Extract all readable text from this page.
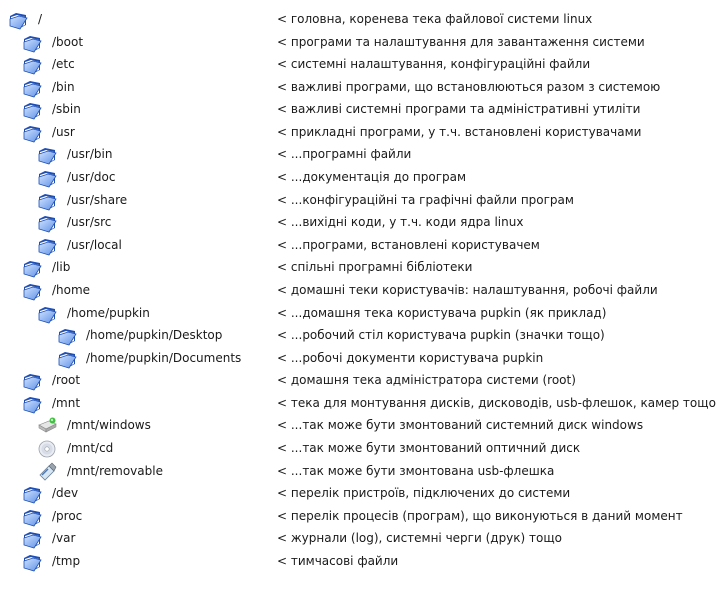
/	< головна, коренева тека файлової системи linux
/boot	< програми та налаштування для завантаження системи
/etc	< системні налаштування, конфігураційні файли
/bin	< важливі програми, що встановлюються разом з системою
/sbin	< важливі системні програми та адміністративні утиліти
/usr	< прикладні програми, у т.ч. встановлені користувачами
/usr/bin	< ...програмні файли
/usr/doc	< ...документація до програм
/usr/share	< ...конфігураційні та графічні файли програм
/usr/src	< ...вихідні коди, у т.ч. коди ядра linux
/usr/local	< ...програми, встановлені користувачем
/lib	< спільні програмні бібліотеки
/home	< домашні теки користувачів: налаштування, робочі файли
/home/pupkin	< ...домашня тека користувача pupkin (як приклад)
/home/pupkin/Desktop	< ...робочий стіл користувача pupkin (значки тощо)
/home/pupkin/Documents	< ...робочі документи користувача pupkin
/root	< домашня тека адміністратора системи (root)
/mnt	< тека для монтування дисків, дисководів, usb-флешок, камер тощо
/mnt/windows	< ...так може бути змонтований системний диск windows
/mnt/cd	< ...так може бути змонтований оптичний диск
/mnt/removable	< ...так може бути змонтована usb-флешка
/dev	< перелік пристроїв, підключених до системи
/proc	< перелік процесів (програм), що виконуються в даний момент
/var	< журнали (log), системні черги (друк) тощо
/tmp	< тимчасові файли
